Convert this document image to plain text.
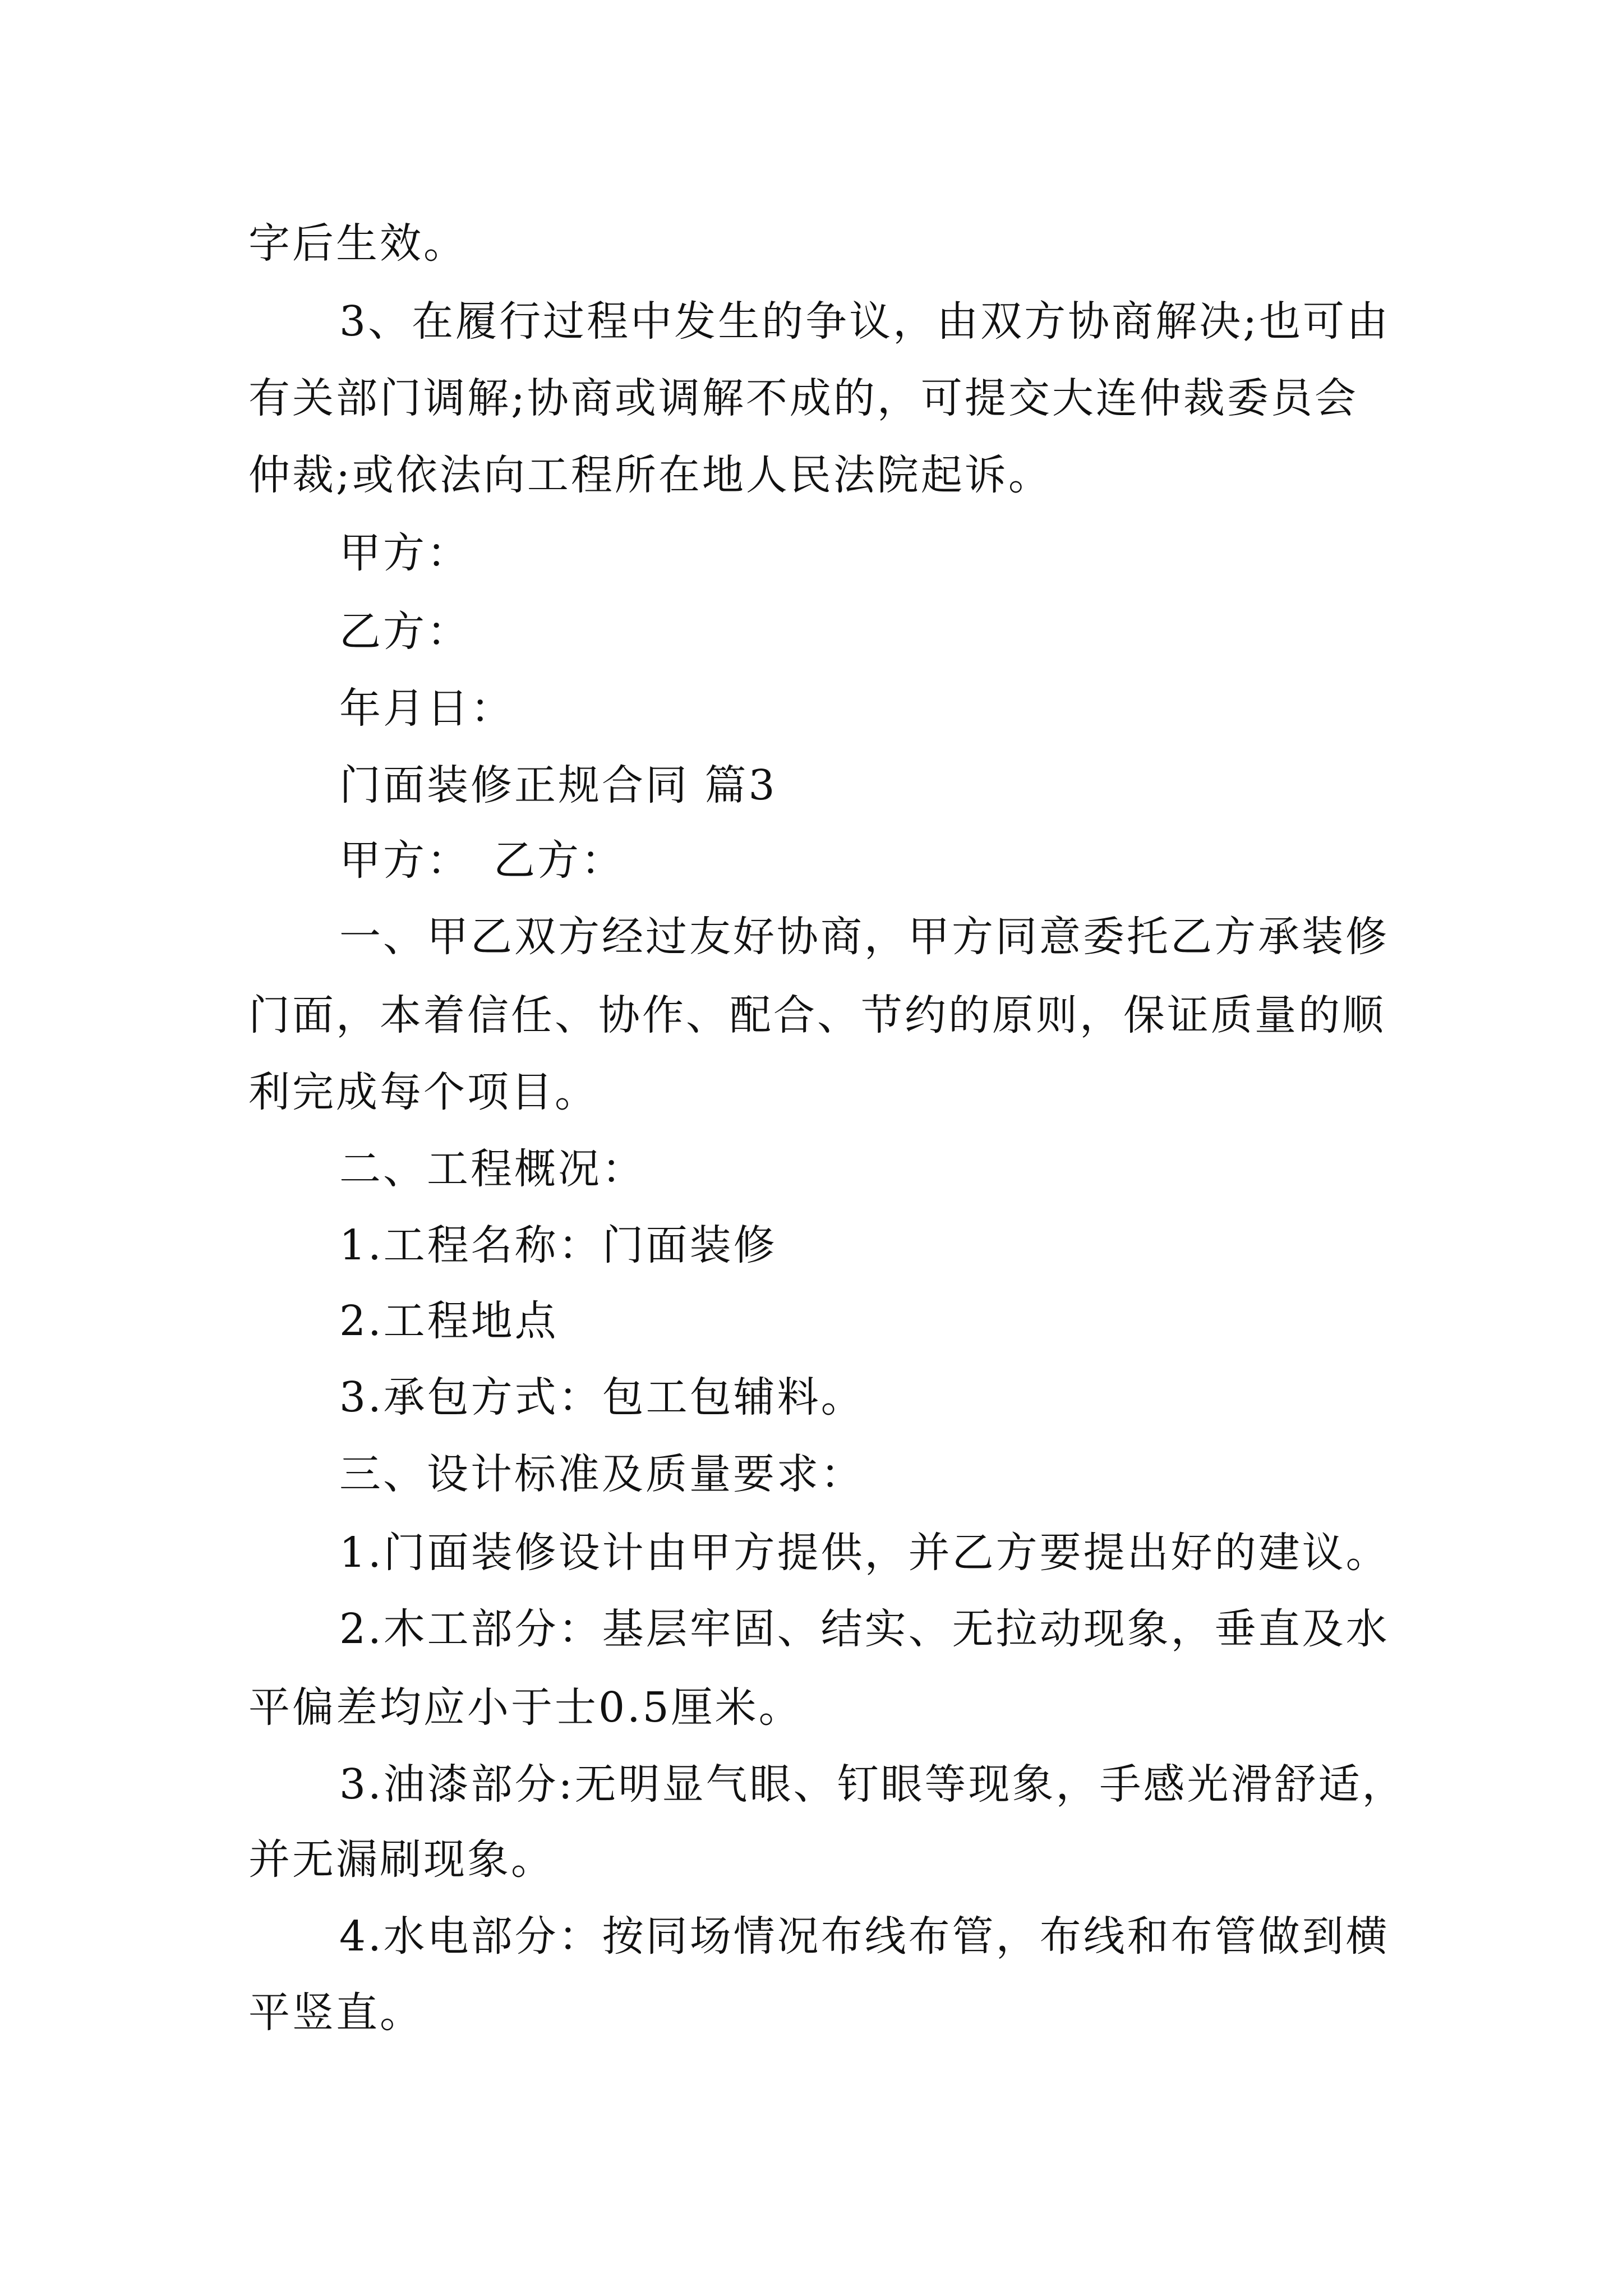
字后生效。
3、在履行过程中发生的争议，由双方协商解决;也可由
有关部门调解;协商或调解不成的，可提交大连仲裁委员会
仲裁;或依法向工程所在地人民法院起诉。
甲方：
乙方：
年月日：
门面装修正规合同 篇3
甲方：　乙方：
一、甲乙双方经过友好协商，甲方同意委托乙方承装修
门面，本着信任、协作、配合、节约的原则，保证质量的顺
利完成每个项目。
二、工程概况：
1.工程名称：门面装修
2.工程地点
3.承包方式：包工包辅料。
三、设计标准及质量要求：
1.门面装修设计由甲方提供，并乙方要提出好的建议。
2.木工部分：基层牢固、结实、无拉动现象，垂直及水
平偏差均应小于士0.5厘米。
3.油漆部分:无明显气眼、钉眼等现象，手感光滑舒适，
并无漏刷现象。
4.水电部分：按同场情况布线布管，布线和布管做到横
平竖直。
